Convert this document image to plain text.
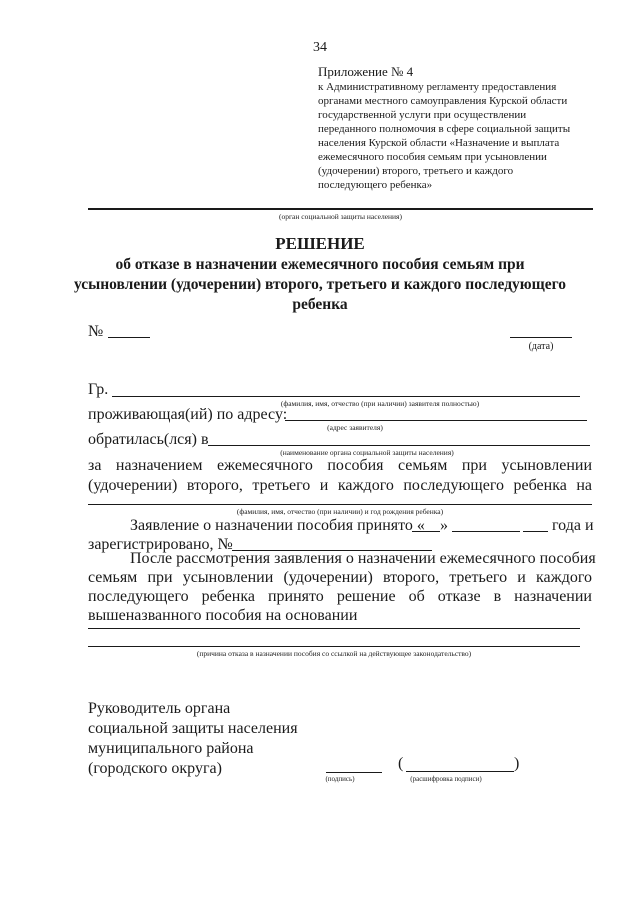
34
Приложение № 4
к Административному регламенту предоставления
органами местного самоуправления Курской области
государственной услуги при осуществлении
переданного полномочия в сфере социальной защиты
населения Курской области «Назначение и выплата
ежемесячного пособия семьям при усыновлении
(удочерении) второго, третьего и каждого
последующего ребенка»
(орган социальной защиты населения)
РЕШЕНИЕ
об отказе в назначении ежемесячного пособия семьям при
усыновлении (удочерении) второго, третьего и каждого последующего
ребенка
№
(дата)
Гр.
(фамилия, имя, отчество (при наличии) заявителя полностью)
проживающая(ий) по адресу:
(адрес заявителя)
обратилась(лся) в
(наименование органа социальной защиты населения)
за назначением ежемесячного пособия семьям при усыновлении
(удочерении) второго, третьего и каждого последующего ребенка на
(фамилия, имя, отчество (при наличии) и год рождения ребенка)
Заявление о назначении пособия принято « »	года и
зарегистрировано, №
После рассмотрения заявления о назначении ежемесячного пособия
семьям при усыновлении (удочерении) второго, третьего и каждого
последующего ребенка принято решение об отказе в назначении
вышеназванного пособия на основании
(причина отказа в назначении пособия со ссылкой на действующее законодательство)
Руководитель органа
социальной защиты населения
муниципального района
(городского округа)
(подпись)
(	)
(расшифровка подписи)
